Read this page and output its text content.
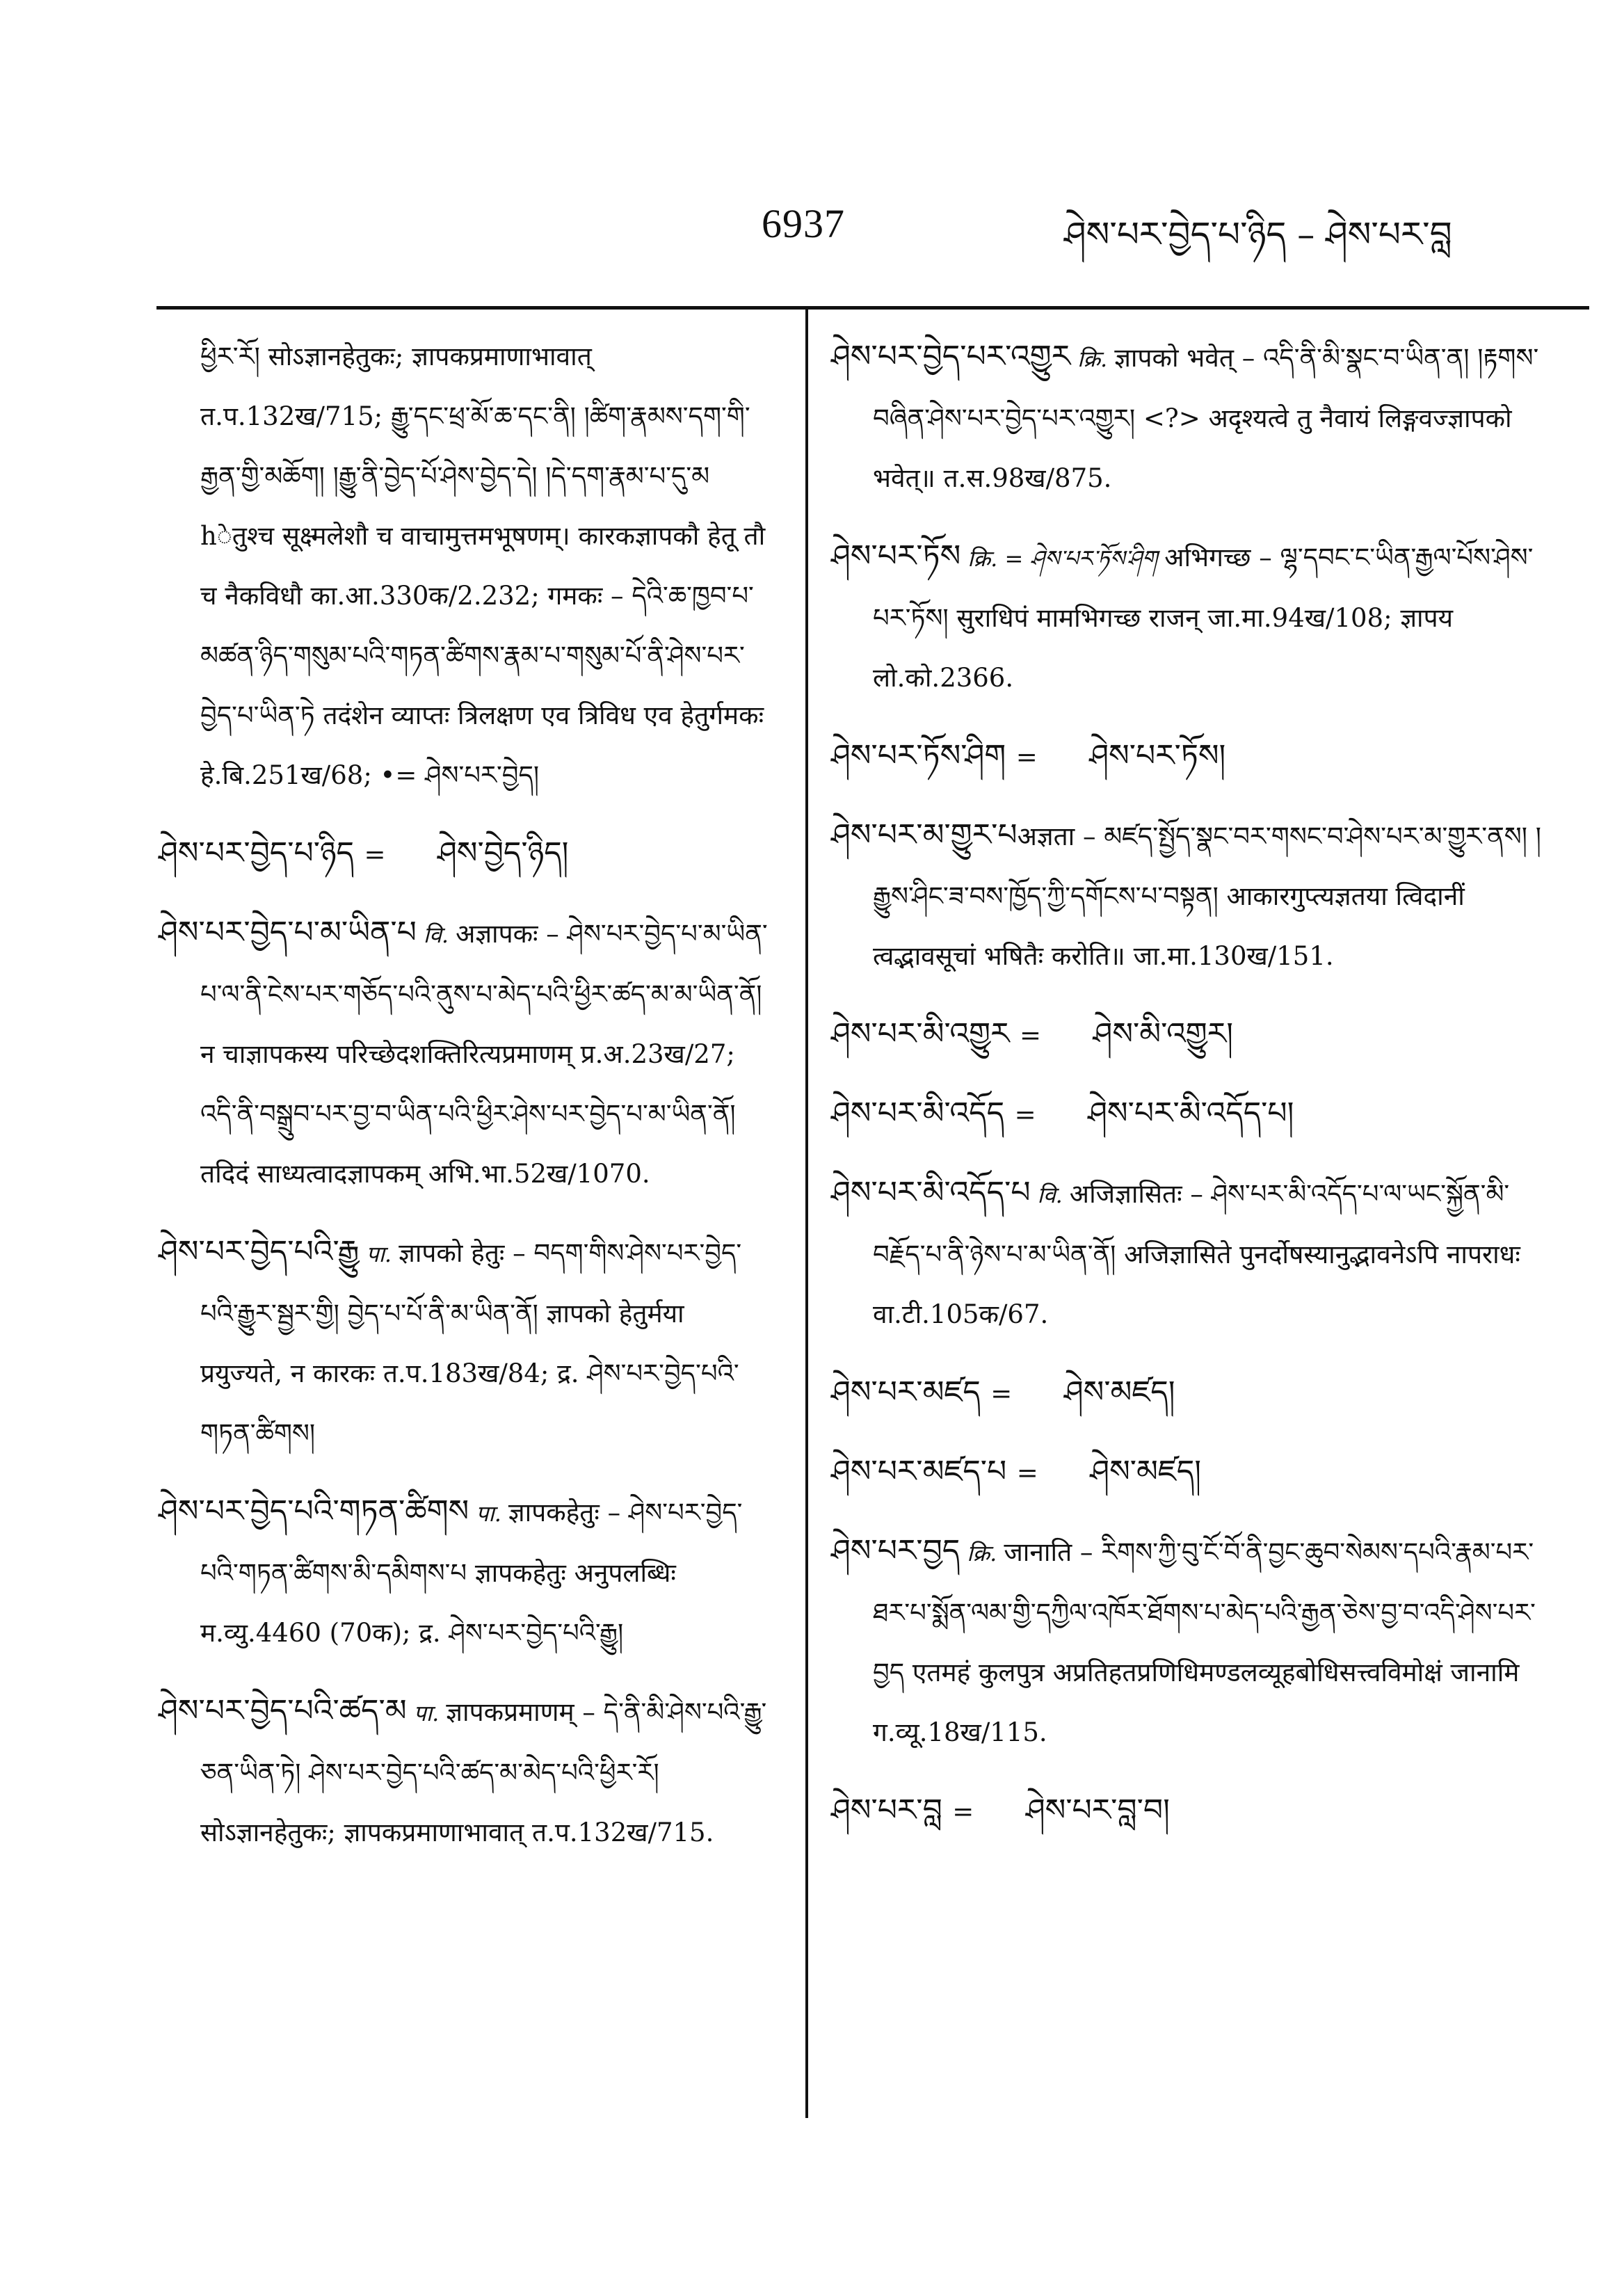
6937	ཤེས་པར་བྱེད་པ་ཉིད – ཤེས་པར་བླ

ཕྱིར་རོ། सोऽज्ञानहेतुकः; ज्ञापकप्रमाणाभावात् त.प.132ख/715; རྒྱུ་དང་ཕྲ་མོ་ཆ་དང་ནི། །ཚིག་རྣམས་དག་གི་རྒྱན་གྱི་མཆོག། །རྒྱུ་ནི་བྱེད་པོ་ཤེས་བྱེད་དེ། །དེ་དག་རྣམ་པ་དུ་མ hेतुश्च सूक्ष्मलेशौ च वाचामुत्तमभूषणम्। कारकज्ञापकौ हेतू तौ च नैकविधौ का.आ.330क/2.232; गमकः – དེའི་ཆ་ཁྱབ་པ་མཚན་ཉིད་གསུམ་པའི་གཏན་ཚིགས་རྣམ་པ་གསུམ་པོ་ནི་ཤེས་པར་བྱེད་པ་ཡིན་ཏེ तदंशेन व्याप्तः त्रिलक्षण एव त्रिविध एव हेतुर्गमकः हे.बि.251ख/68; •= ཤེས་པར་བྱེད།

ཤེས་པར་བྱེད་པ་ཉིད = ཤེས་བྱེད་ཉིད།

ཤེས་པར་བྱེད་པ་མ་ཡིན་པ वि. अज्ञापकः – ཤེས་པར་བྱེད་པ་མ་ཡིན་པ་ལ་ནི་ངེས་པར་གཅོད་པའི་ནུས་པ་མེད་པའི་ཕྱིར་ཚད་མ་མ་ཡིན་ནོ། न चाज्ञापकस्य परिच्छेदशक्तिरित्यप्रमाणम् प्र.अ.23ख/27; འདི་ནི་བསྒྲུབ་པར་བྱ་བ་ཡིན་པའི་ཕྱིར་ཤེས་པར་བྱེད་པ་མ་ཡིན་ནོ། तदिदं साध्यत्वादज्ञापकम् अभि.भा.52ख/1070.

ཤེས་པར་བྱེད་པའི་རྒྱུ पा. ज्ञापको हेतुः – བདག་གིས་ཤེས་པར་བྱེད་པའི་རྒྱུར་སྦྱར་གྱི། བྱེད་པ་པོ་ནི་མ་ཡིན་ནོ། ज्ञापको हेतुर्मया प्रयुज्यते, न कारकः त.प.183ख/84; द्र. ཤེས་པར་བྱེད་པའི་གཏན་ཚིགས།

ཤེས་པར་བྱེད་པའི་གཏན་ཚིགས पा. ज्ञापकहेतुः – ཤེས་པར་བྱེད་པའི་གཏན་ཚིགས་མི་དམིགས་པ ज्ञापकहेतुः अनुपलब्धिः म.व्यु.4460 (70क); द्र. ཤེས་པར་བྱེད་པའི་རྒྱུ།

ཤེས་པར་བྱེད་པའི་ཚད་མ पा. ज्ञापकप्रमाणम् – དེ་ནི་མི་ཤེས་པའི་རྒྱུ་ཅན་ཡིན་ཏེ། ཤེས་པར་བྱེད་པའི་ཚད་མ་མེད་པའི་ཕྱིར་རོ། सोऽज्ञानहेतुकः; ज्ञापकप्रमाणाभावात् त.प.132ख/715.

ཤེས་པར་བྱེད་པར་འགྱུར क्रि. ज्ञापको भवेत् – འདི་ནི་མི་སྣང་བ་ཡིན་ན། །རྟགས་བཞིན་ཤེས་པར་བྱེད་པར་འགྱུར། <?> अदृश्यत्वे तु नैवायं लिङ्गवज्ज्ञापको भवेत्॥ त.स.98ख/875.

ཤེས་པར་ཏོས क्रि. = ཤེས་པར་ཏོས་ཤིག अभिगच्छ – ལྷ་དབང་ང་ཡིན་རྒྱལ་པོས་ཤེས་པར་ཏོས། सुराधिपं मामभिगच्छ राजन् जा.मा.94ख/108; ज्ञापय लो.को.2366.

ཤེས་པར་ཏོས་ཤིག = ཤེས་པར་ཏོས།

ཤེས་པར་མ་གྱུར་པअज्ञता – མཛད་སྤྱོད་སྣང་བར་གསང་བ་ཤེས་པར་མ་གྱུར་ནས། །རྒྱུས་ཤིང་ཟ་བས་ཁྱོད་ཀྱི་དགོངས་པ་བསྟན། आकारगुप्त्यज्ञतया त्विदानीं त्वद्भावसूचां भषितैः करोति॥ जा.मा.130ख/151.

ཤེས་པར་མི་འགྱུར = ཤེས་མི་འགྱུར།

ཤེས་པར་མི་འདོད = ཤེས་པར་མི་འདོད་པ།

ཤེས་པར་མི་འདོད་པ वि. अजिज्ञासितः – ཤེས་པར་མི་འདོད་པ་ལ་ཡང་སྐྱོན་མི་བརྗོད་པ་ནི་ཉེས་པ་མ་ཡིན་ནོ། अजिज्ञासिते पुनर्दोषस्यानुद्भावनेऽपि नापराधः वा.टी.105क/67.

ཤེས་པར་མཛད = ཤེས་མཛད།

ཤེས་པར་མཛད་པ = ཤེས་མཛད།

ཤེས་པར་བྱད क्रि. जानाति – རིགས་ཀྱི་བུ་ངོ་བོ་ནི་བྱང་ཆུབ་སེམས་དཔའི་རྣམ་པར་ཐར་པ་སྨོན་ལམ་གྱི་དཀྱིལ་འཁོར་ཐོགས་པ་མེད་པའི་རྒྱན་ཅེས་བྱ་བ་འདི་ཤེས་པར་བྱད एतमहं कुलपुत्र अप्रतिहतप्रणिधिमण्डलव्यूहबोधिसत्त्वविमोक्षं जानामि ग.व्यू.18ख/115.

ཤེས་པར་བླ = ཤེས་པར་བླ་བ།
